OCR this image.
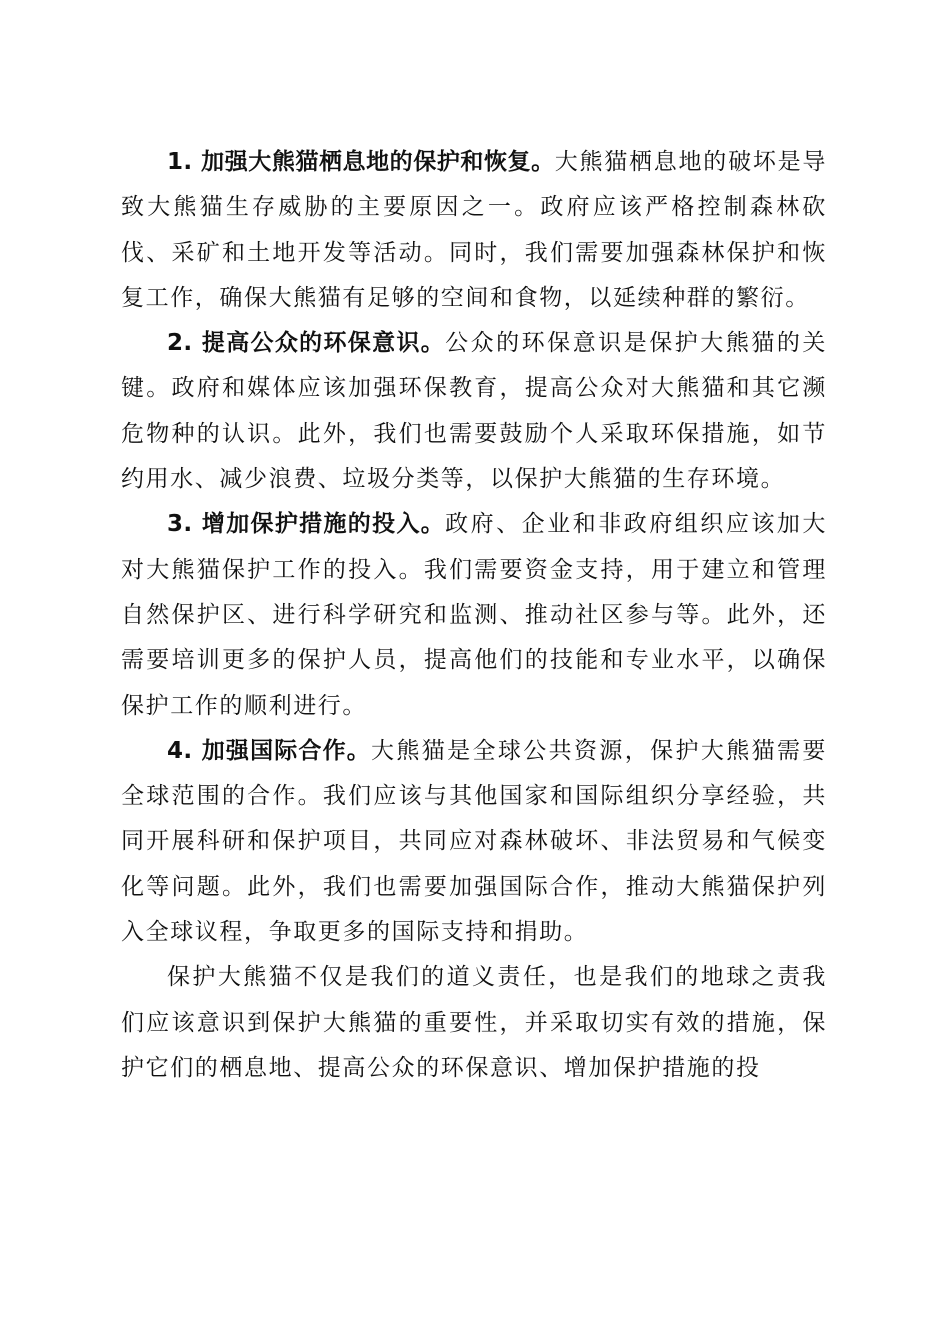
1. 加强大熊猫栖息地的保护和恢复。大熊猫栖息地的破坏是导致大熊猫生存威胁的主要原因之一。政府应该严格控制森林砍伐、采矿和土地开发等活动。同时，我们需要加强森林保护和恢复工作，确保大熊猫有足够的空间和食物，以延续种群的繁衍。

2. 提高公众的环保意识。公众的环保意识是保护大熊猫的关键。政府和媒体应该加强环保教育，提高公众对大熊猫和其它濒危物种的认识。此外，我们也需要鼓励个人采取环保措施，如节约用水、减少浪费、垃圾分类等，以保护大熊猫的生存环境。

3. 增加保护措施的投入。政府、企业和非政府组织应该加大对大熊猫保护工作的投入。我们需要资金支持，用于建立和管理自然保护区、进行科学研究和监测、推动社区参与等。此外，还需要培训更多的保护人员，提高他们的技能和专业水平，以确保保护工作的顺利进行。

4. 加强国际合作。大熊猫是全球公共资源，保护大熊猫需要全球范围的合作。我们应该与其他国家和国际组织分享经验，共同开展科研和保护项目，共同应对森林破坏、非法贸易和气候变化等问题。此外，我们也需要加强国际合作，推动大熊猫保护列入全球议程，争取更多的国际支持和捐助。

保护大熊猫不仅是我们的道义责任，也是我们的地球之责我们应该意识到保护大熊猫的重要性，并采取切实有效的措施，保护它们的栖息地、提高公众的环保意识、增加保护措施的投
